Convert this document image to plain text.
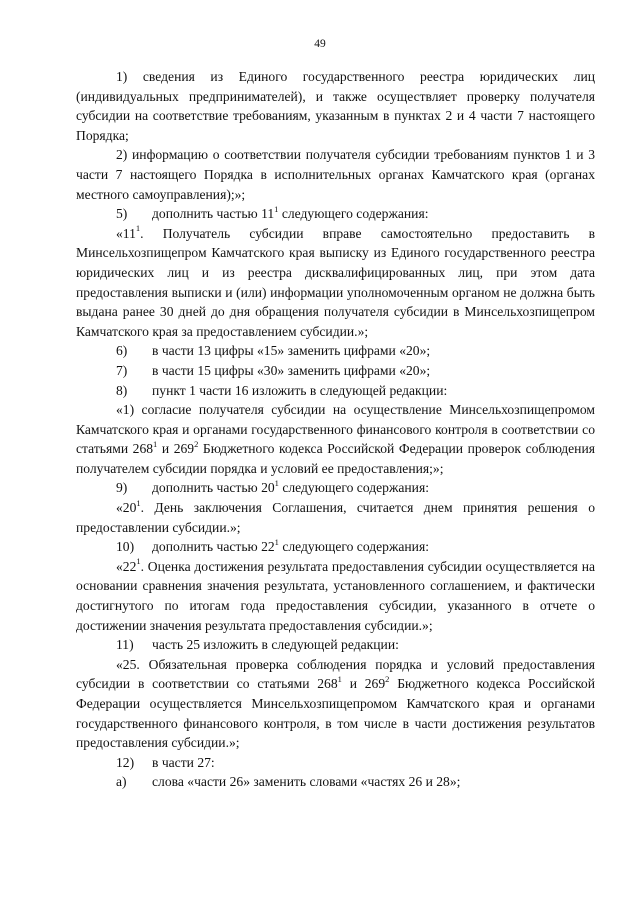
49

1) сведения из Единого государственного реестра юридических лиц (индивидуальных предпринимателей), и также осуществляет проверку получателя субсидии на соответствие требованиям, указанным в пунктах 2 и 4 части 7 настоящего Порядка;

2) информацию о соответствии получателя субсидии требованиям пунктов 1 и 3 части 7 настоящего Порядка в исполнительных органах Камчатского края (органах местного самоуправления);»;

5)	дополнить частью $11^1$ следующего содержания:

«$11^1$. Получатель субсидии вправе самостоятельно предоставить в Минсельхозпищепром Камчатского края выписку из Единого государственного реестра юридических лиц и из реестра дисквалифицированных лиц, при этом дата предоставления выписки и (или) информации уполномоченным органом не должна быть выдана ранее 30 дней до дня обращения получателя субсидии в Минсельхозпищепром Камчатского края за предоставлением субсидии.»;

6)	в части 13 цифры «15» заменить цифрами «20»;
7)	в части 15 цифры «30» заменить цифрами «20»;
8)	пункт 1 части 16 изложить в следующей редакции:

«1) согласие получателя субсидии на осуществление Минсельхозпищепромом Камчатского края и органами государственного финансового контроля в соответствии со статьями $268^1$ и $269^2$ Бюджетного кодекса Российской Федерации проверок соблюдения получателем субсидии порядка и условий ее предоставления;»;

9)	дополнить частью $20^1$ следующего содержания:

«$20^1$. День заключения Соглашения, считается днем принятия решения о предоставлении субсидии.»;

10)	дополнить частью $22^1$ следующего содержания:

«$22^1$. Оценка достижения результата предоставления субсидии осуществляется на основании сравнения значения результата, установленного соглашением, и фактически достигнутого по итогам года предоставления субсидии, указанного в отчете о достижении значения результата предоставления субсидии.»;

11)	часть 25 изложить в следующей редакции:

«25. Обязательная проверка соблюдения порядка и условий предоставления субсидии в соответствии со статьями $268^1$ и $269^2$ Бюджетного кодекса Российской Федерации осуществляется Минсельхозпищепромом Камчатского края и органами государственного финансового контроля, в том числе в части достижения результатов предоставления субсидии.»;

12)	в части 27:
а)	слова «части 26» заменить словами «частях 26 и 28»;
